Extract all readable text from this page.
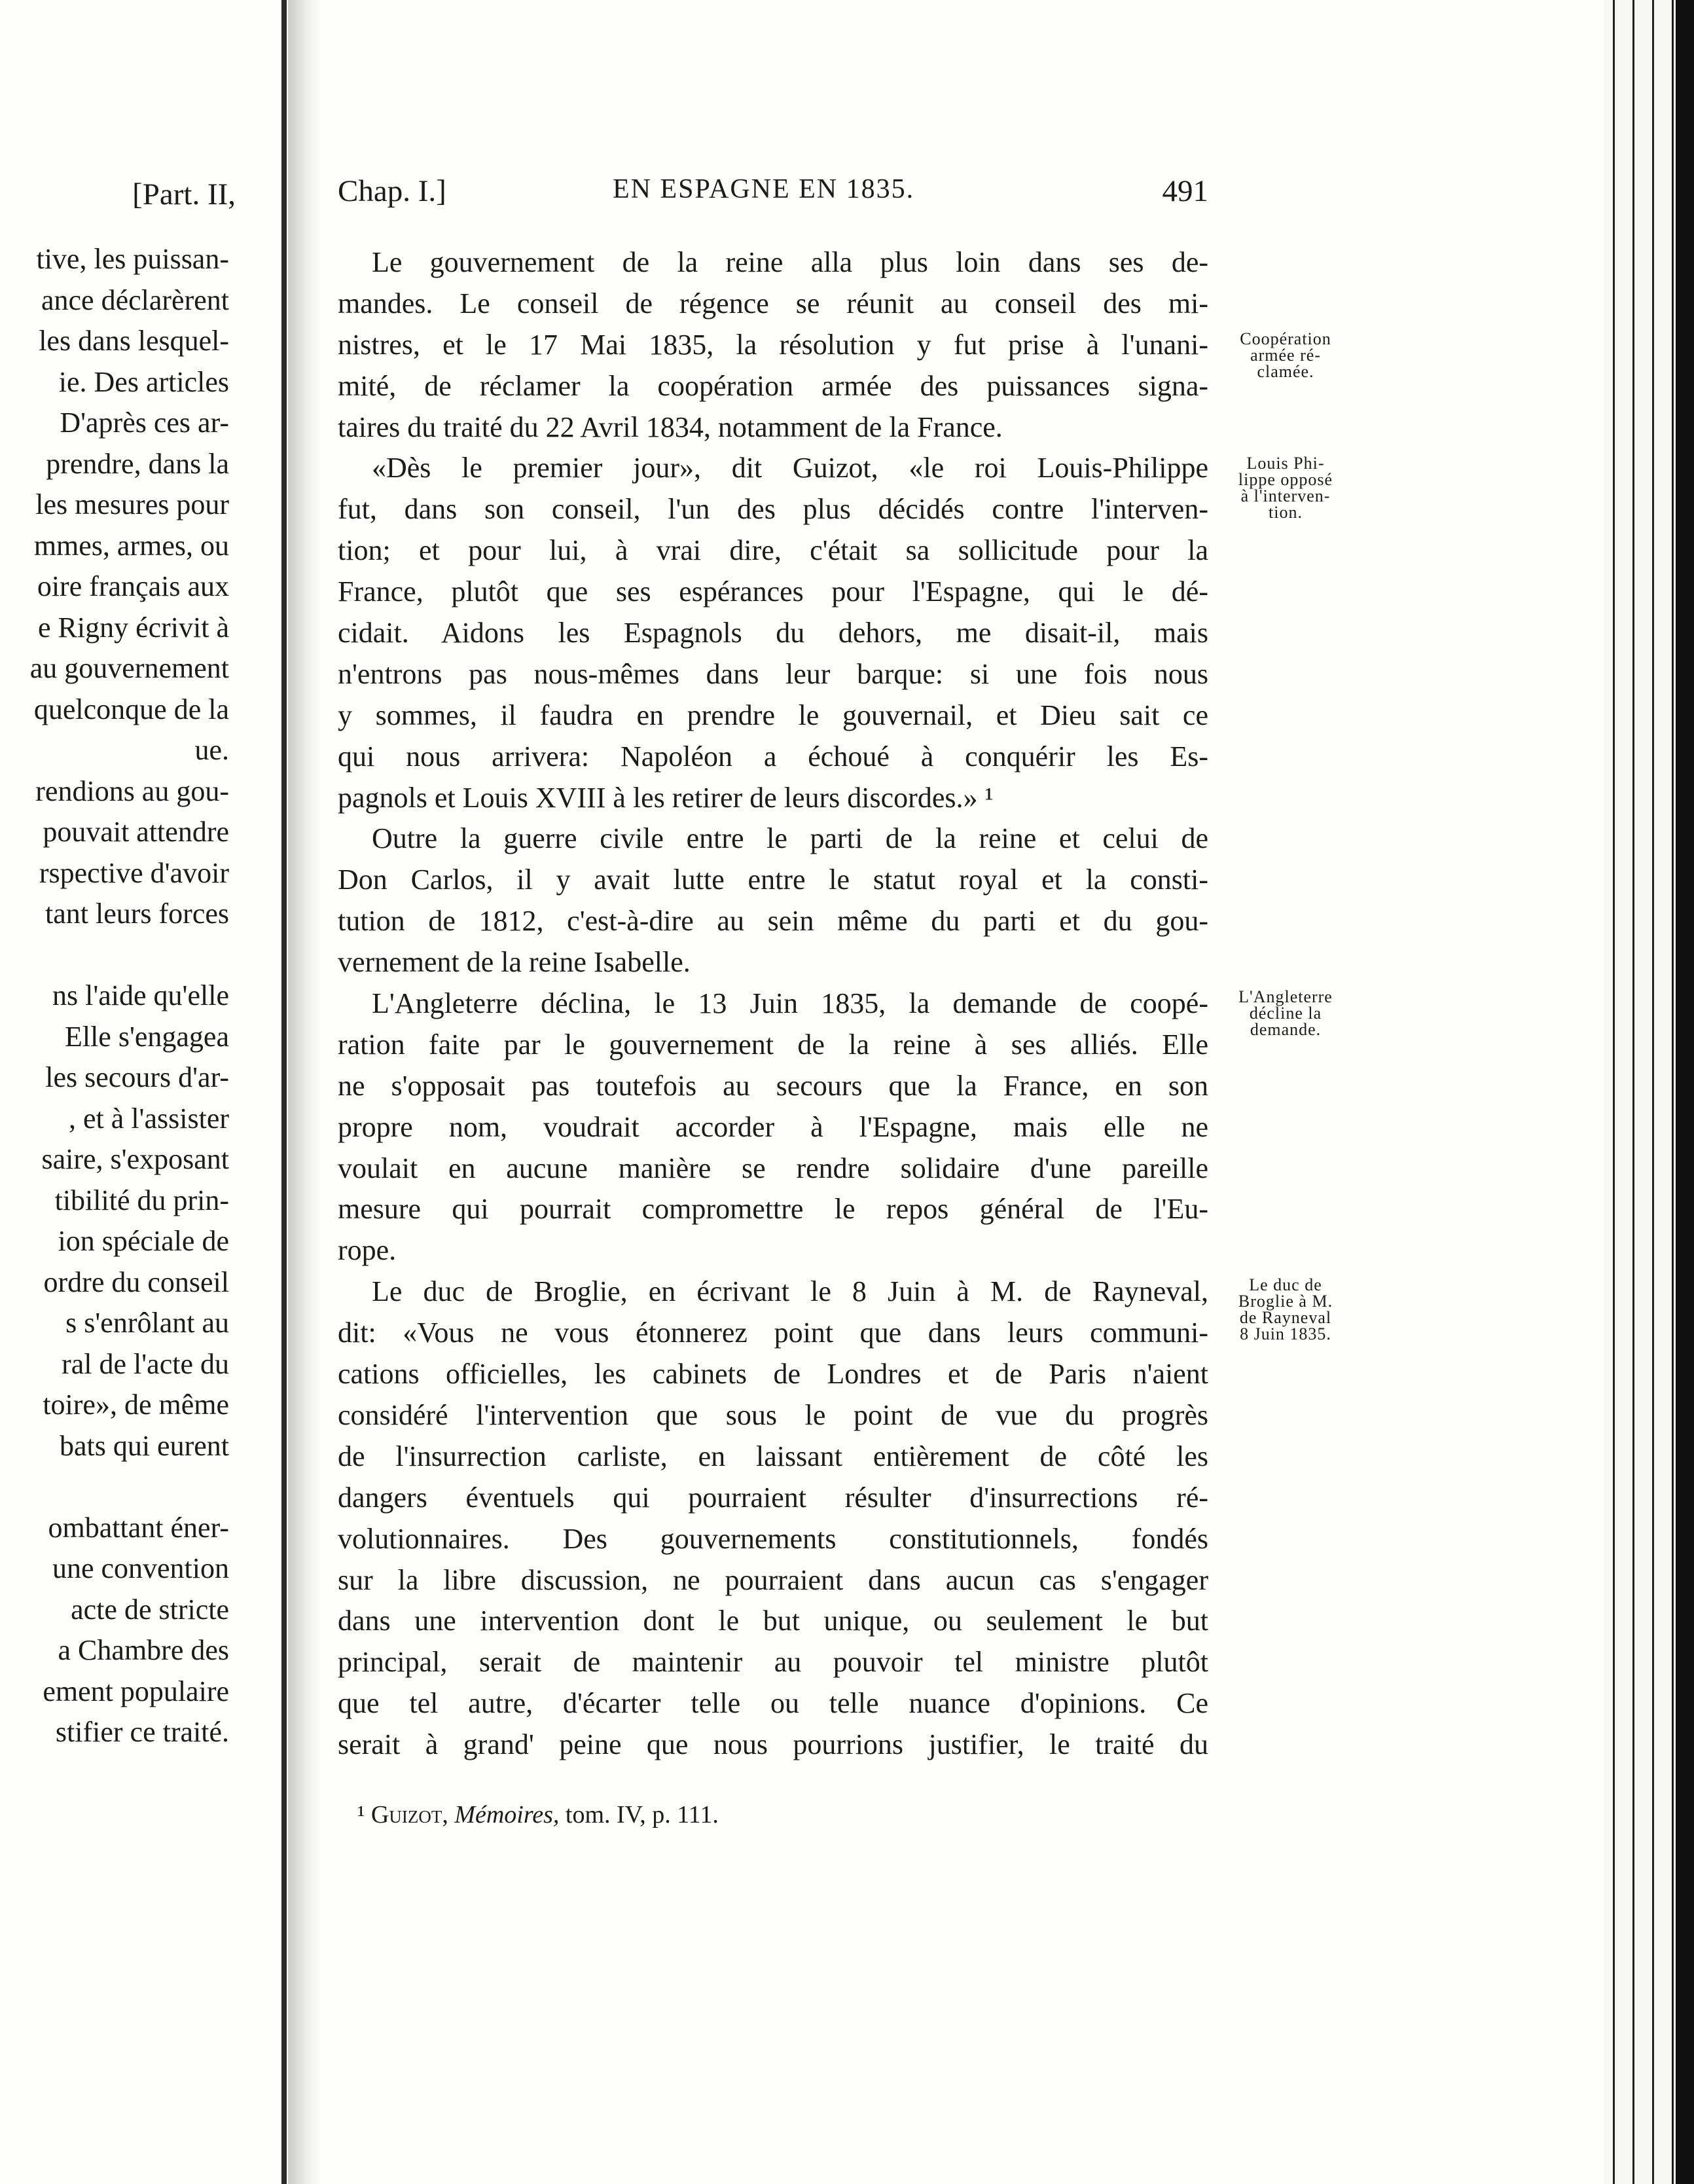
[Part. II,
tive, les puissan-
ance déclarèrent
les dans lesquel-
ie. Des articles
D'après ces ar-
prendre, dans la
les mesures pour
mmes, armes, ou
oire français aux
e Rigny écrivit à
au gouvernement
quelconque de la
ue.
rendions au gou-
pouvait attendre
rspective d'avoir
tant leurs forces
ns l'aide qu'elle
Elle s'engagea
les secours d'ar-
, et à l'assister
saire, s'exposant
tibilité du prin-
ion spéciale de
ordre du conseil
s s'enrôlant au
ral de l'acte du
toire», de même
bats qui eurent
ombattant éner-
une convention
acte de stricte
a Chambre des
ement populaire
stifier ce traité.
Chap. I.]	EN ESPAGNE EN 1835.	491
Le gouvernement de la reine alla plus loin dans ses de-
mandes. Le conseil de régence se réunit au conseil des mi-
nistres, et le 17 Mai 1835, la résolution y fut prise à l'unani-
mité, de réclamer la coopération armée des puissances signa-
taires du traité du 22 Avril 1834, notamment de la France.
«Dès le premier jour», dit Guizot, «le roi Louis-Philippe
fut, dans son conseil, l'un des plus décidés contre l'interven-
tion; et pour lui, à vrai dire, c'était sa sollicitude pour la
France, plutôt que ses espérances pour l'Espagne, qui le dé-
cidait. Aidons les Espagnols du dehors, me disait-il, mais
n'entrons pas nous-mêmes dans leur barque: si une fois nous
y sommes, il faudra en prendre le gouvernail, et Dieu sait ce
qui nous arrivera: Napoléon a échoué à conquérir les Es-
pagnols et Louis XVIII à les retirer de leurs discordes.» ¹
Outre la guerre civile entre le parti de la reine et celui de
Don Carlos, il y avait lutte entre le statut royal et la consti-
tution de 1812, c'est-à-dire au sein même du parti et du gou-
vernement de la reine Isabelle.
L'Angleterre déclina, le 13 Juin 1835, la demande de coopé-
ration faite par le gouvernement de la reine à ses alliés. Elle
ne s'opposait pas toutefois au secours que la France, en son
propre nom, voudrait accorder à l'Espagne, mais elle ne
voulait en aucune manière se rendre solidaire d'une pareille
mesure qui pourrait compromettre le repos général de l'Eu-
rope.
Le duc de Broglie, en écrivant le 8 Juin à M. de Rayneval,
dit: «Vous ne vous étonnerez point que dans leurs communi-
cations officielles, les cabinets de Londres et de Paris n'aient
considéré l'intervention que sous le point de vue du progrès
de l'insurrection carliste, en laissant entièrement de côté les
dangers éventuels qui pourraient résulter d'insurrections ré-
volutionnaires. Des gouvernements constitutionnels, fondés
sur la libre discussion, ne pourraient dans aucun cas s'engager
dans une intervention dont le but unique, ou seulement le but
principal, serait de maintenir au pouvoir tel ministre plutôt
que tel autre, d'écarter telle ou telle nuance d'opinions. Ce
serait à grand' peine que nous pourrions justifier, le traité du
Coopération
armée ré-
clamée.
Louis Phi-
lippe opposé
à l'interven-
tion.
L'Angleterre
décline la
demande.
Le duc de
Broglie à M.
de Rayneval
8 Juin 1835.
¹ Guizot, Mémoires, tom. IV, p. 111.
